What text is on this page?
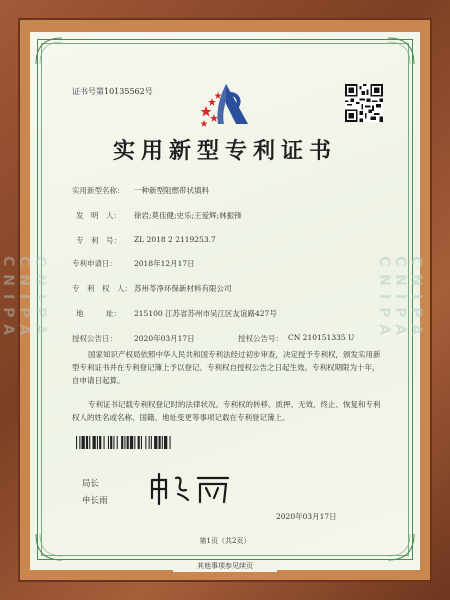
CNIPA
CNIPA
CNIPA
CNIPA
CNIPA
CNIPA
证书号第10135562号
实用新型专利证书
实用新型名称： 一种新型阻燃带状填料
发　明　人： 徐岩;莫佳健;史乐;王爱辉;林振锋
专　利　号： ZL 2018 2 2119253.7
专利申请日： 2018年12月17日
专　利　权　人： 苏州苓净环保新材料有限公司
地　　　址： 215100 江苏省苏州市吴江区友谊路427号
授权公告日： 2020年03月17日	授权公告号： CN 210151335 U
国家知识产权局依照中华人民共和国专利法经过初步审查，决定授予专利权，颁发实用新型专利证书并在专利登记簿上予以登记。专利权自授权公告之日起生效。专利权期限为十年，自申请日起算。
专利证书记载专利权登记时的法律状况。专利权的转移、质押、无效、终止、恢复和专利权人的姓名或名称、国籍、地址变更等事项记载在专利登记簿上。
局长
申长雨
2020年03月17日
第1页（共2页）
其他事项参见续页
